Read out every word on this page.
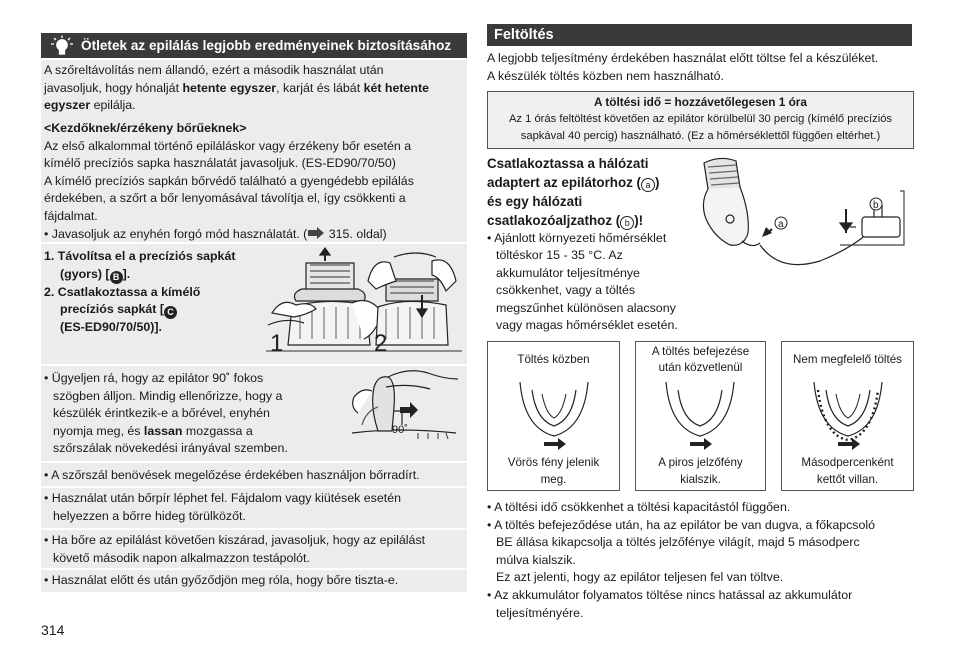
Ötletek az epilálás legjobb eredményeinek biztosításához
A szőreltávolítás nem állandó, ezért a második használat után
javasoljuk, hogy hónalját hetente egyszer, karját és lábát két hetente
egyszer epilálja.
<Kezdőknek/érzékeny bőrűeknek>
Az első alkalommal történő epiláláskor vagy érzékeny bőr esetén a
kímélő precíziós sapka használatát javasoljuk. (ES-ED90/70/50)
A kímélő precíziós sapkán bőrvédő található a gyengédebb epilálás
érdekében, a szőrt a bőr lenyomásával távolítja el, így csökkenti a
fájdalmat.
• Javasoljuk az enyhén forgó mód használatát. ( 315. oldal)
1. Távolítsa el a precíziós sapkát
(gyors) [ B ].
2. Csatlakoztassa a kímélő
precíziós sapkát [ C
(ES-ED90/70/50)].
1	2
• Ügyeljen rá, hogy az epilátor 90˚ fokos
szögben álljon. Mindig ellenőrizze, hogy a
készülék érintkezik-e a bőrével, enyhén
nyomja meg, és lassan mozgassa a
szőrszálak növekedési irányával szemben.
90˚
• A szőrszál benövések megelőzése érdekében használjon bőrradírt.
• Használat után bőrpír léphet fel. Fájdalom vagy kiütések esetén
helyezzen a bőrre hideg törülközőt.
• Ha bőre az epilálást követően kiszárad, javasoljuk, hogy az epilálást
követő második napon alkalmazzon testápolót.
• Használat előtt és után győződjön meg róla, hogy bőre tiszta-e.
Feltöltés
A legjobb teljesítmény érdekében használat előtt töltse fel a készüléket.
A készülék töltés közben nem használható.
A töltési idő = hozzávetőlegesen 1 óra
Az 1 órás feltöltést követően az epilátor körülbelül 30 percig (kímélő precíziós
sapkával 40 percig) használható. (Ez a hőmérséklettől függően eltérhet.)
Csatlakoztassa a hálózati
adaptert az epilátorhoz ( a )
és egy hálózati
csatlakozóaljzathoz ( b )!
• Ajánlott környezeti hőmérséklet
töltéskor 15 - 35 °C. Az
akkumulátor teljesítménye
csökkenhet, vagy a töltés
megszűnhet különösen alacsony
vagy magas hőmérséklet esetén.
a
b
Töltés közben
Vörös fény jelenik
meg.
A töltés befejezése
után közvetlenül
A piros jelzőfény
kialszik.
Nem megfelelő töltés
Másodpercenként
kettőt villan.
• A töltési idő csökkenhet a töltési kapacitástól függően.
• A töltés befejeződése után, ha az epilátor be van dugva, a főkapcsoló
BE állása kikapcsolja a töltés jelzőfénye világít, majd 5 másodperc
múlva kialszik.
Ez azt jelenti, hogy az epilátor teljesen fel van töltve.
• Az akkumulátor folyamatos töltése nincs hatással az akkumulátor
teljesítményére.
314
